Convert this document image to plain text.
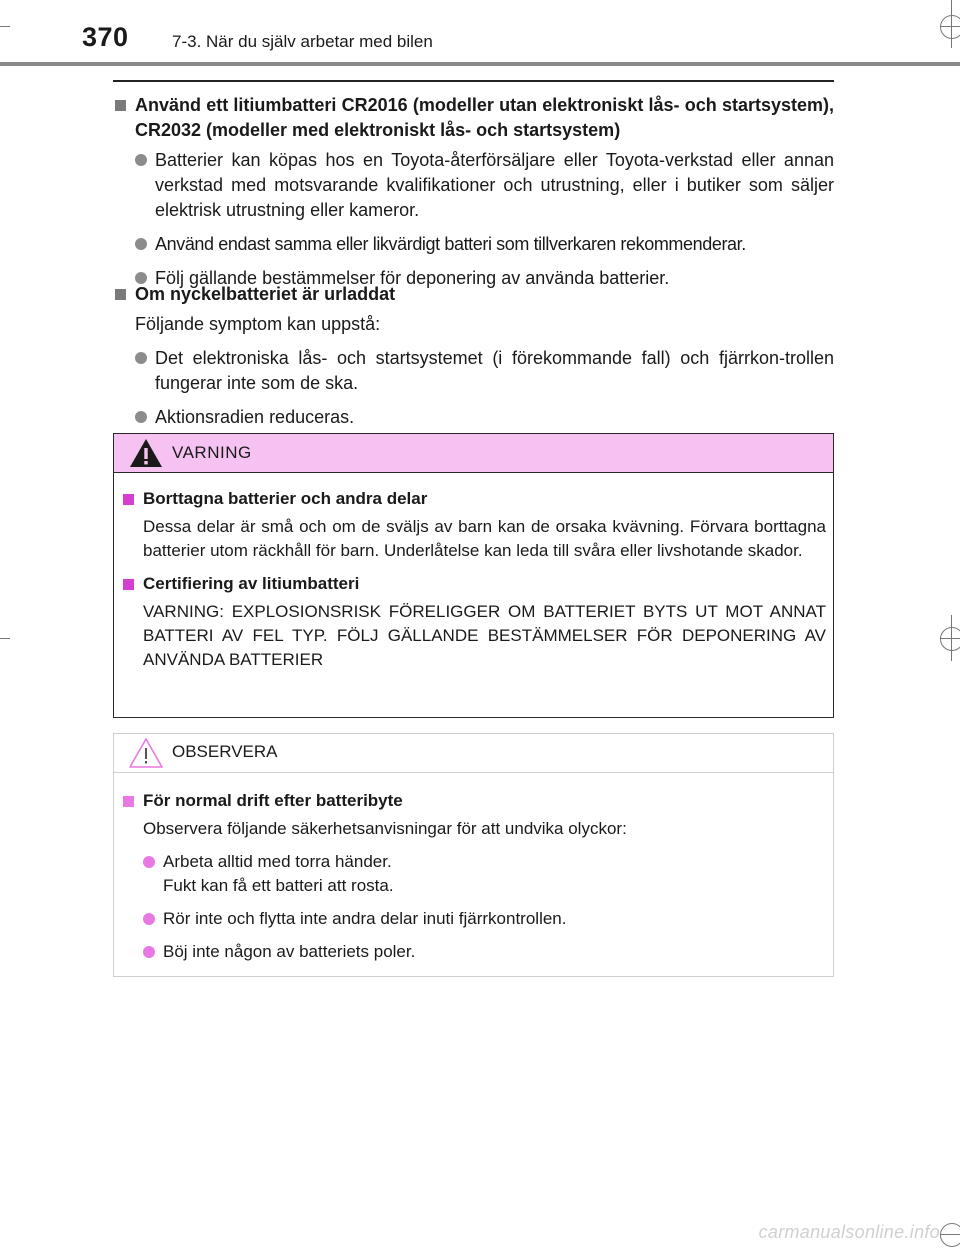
370	7-3. När du själv arbetar med bilen
Använd ett litiumbatteri CR2016 (modeller utan elektroniskt lås- och startsystem), CR2032 (modeller med elektroniskt lås- och startsystem)
Batterier kan köpas hos en Toyota-återförsäljare eller Toyota-verkstad eller annan verkstad med motsvarande kvalifikationer och utrustning, eller i butiker som säljer elektrisk utrustning eller kameror.
Använd endast samma eller likvärdigt batteri som tillverkaren rekommenderar.
Följ gällande bestämmelser för deponering av använda batterier.
Om nyckelbatteriet är urladdat
Följande symptom kan uppstå:
Det elektroniska lås- och startsystemet (i förekommande fall) och fjärrkon-trollen fungerar inte som de ska.
Aktionsradien reduceras.
VARNING
Borttagna batterier och andra delar
Dessa delar är små och om de sväljs av barn kan de orsaka kvävning. Förvara borttagna batterier utom räckhåll för barn. Underlåtelse kan leda till svåra eller livshotande skador.
Certifiering av litiumbatteri
VARNING: EXPLOSIONSRISK FÖRELIGGER OM BATTERIET BYTS UT MOT ANNAT BATTERI AV FEL TYP. FÖLJ GÄLLANDE BESTÄMMELSER FÖR DEPONERING AV ANVÄNDA BATTERIER
OBSERVERA
För normal drift efter batteribyte
Observera följande säkerhetsanvisningar för att undvika olyckor:
Arbeta alltid med torra händer.
Fukt kan få ett batteri att rosta.
Rör inte och flytta inte andra delar inuti fjärrkontrollen.
Böj inte någon av batteriets poler.
carmanualsonline.info
